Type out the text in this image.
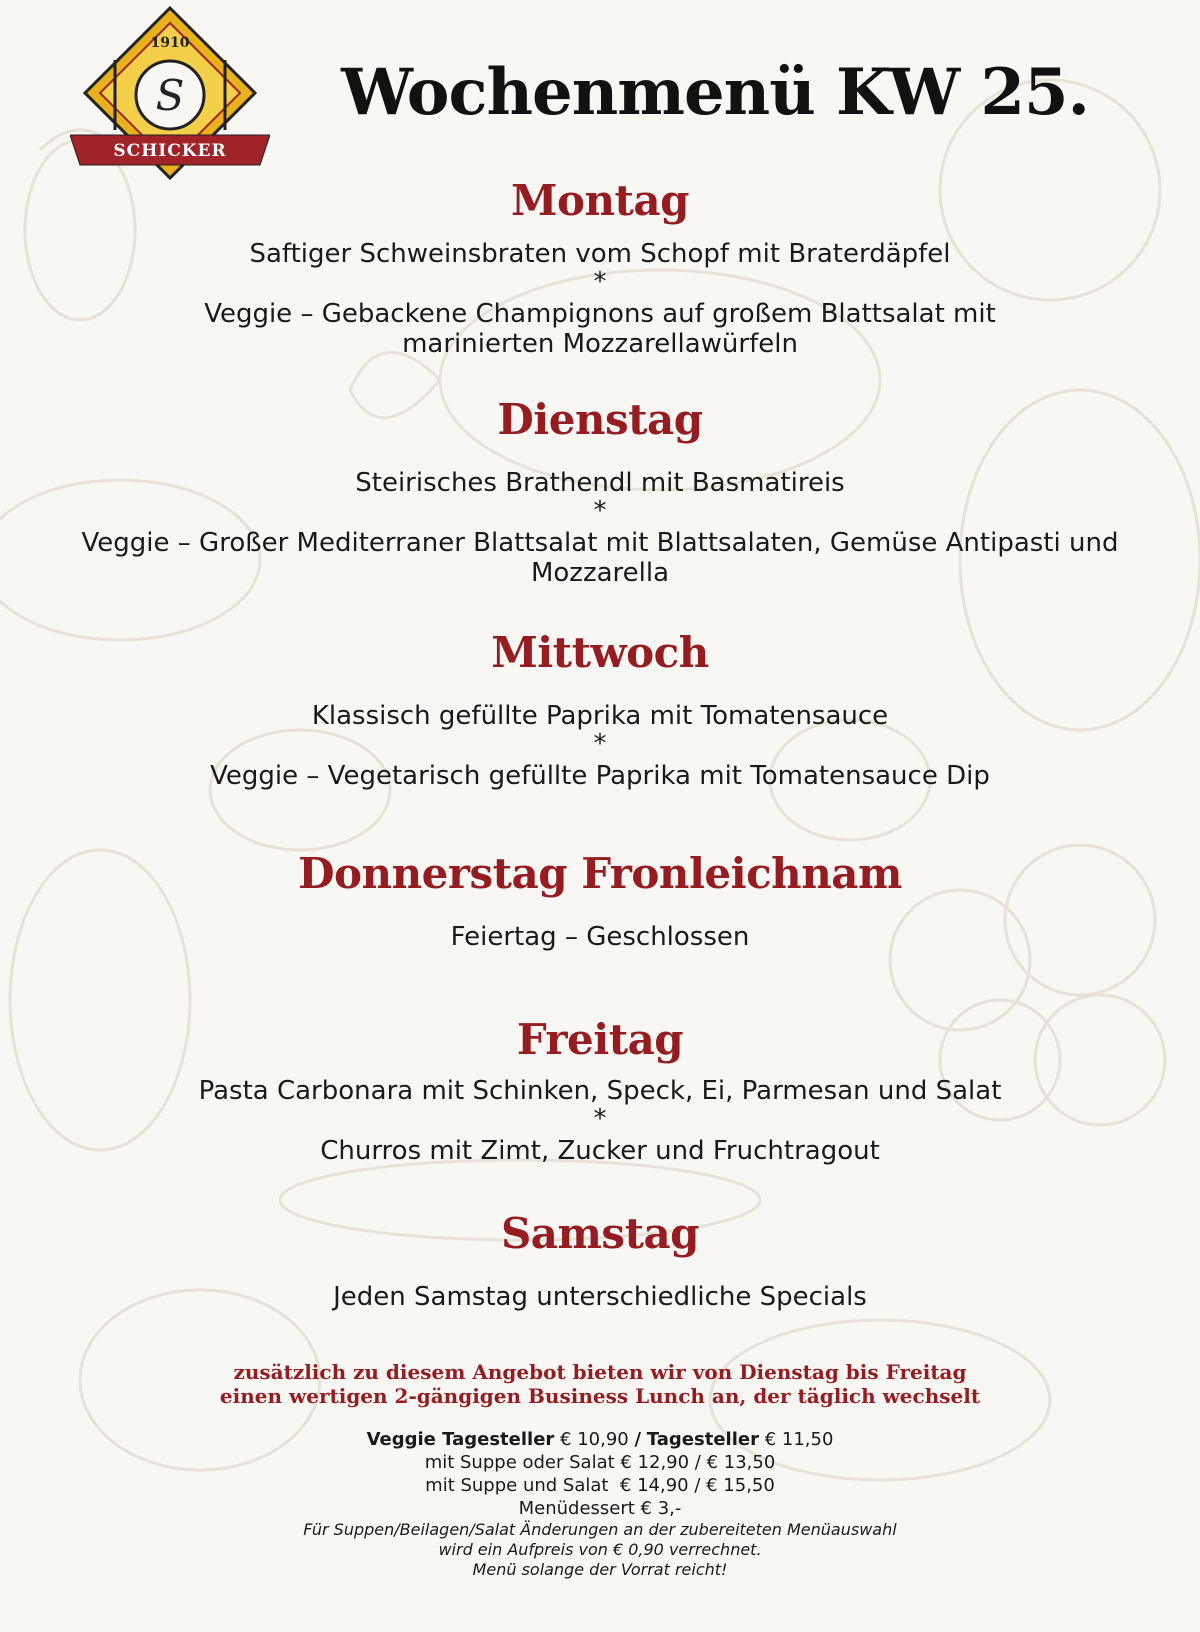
S
1910
SCHICKER
Wochenmenü KW 25.
Montag
Saftiger Schweinsbraten vom Schopf mit Braterdäpfel
*
Veggie – Gebackene Champignons auf großem Blattsalat mit
marinierten Mozzarellawürfeln
Dienstag
Steirisches Brathendl mit Basmatireis
*
Veggie – Großer Mediterraner Blattsalat mit Blattsalaten, Gemüse Antipasti und
Mozzarella
Mittwoch
Klassisch gefüllte Paprika mit Tomatensauce
*
Veggie – Vegetarisch gefüllte Paprika mit Tomatensauce Dip
Donnerstag Fronleichnam
Feiertag – Geschlossen
Freitag
Pasta Carbonara mit Schinken, Speck, Ei, Parmesan und Salat
*
Churros mit Zimt, Zucker und Fruchtragout
Samstag
Jeden Samstag unterschiedliche Specials
zusätzlich zu diesem Angebot bieten wir von Dienstag bis Freitag
einen wertigen 2-gängigen Business Lunch an, der täglich wechselt
Veggie Tagesteller € 10,90 / Tagesteller € 11,50
mit Suppe oder Salat € 12,90 / € 13,50
mit Suppe und Salat  € 14,90 / € 15,50
Menüdessert € 3,-
Für Suppen/Beilagen/Salat Änderungen an der zubereiteten Menüauswahl
wird ein Aufpreis von € 0,90 verrechnet.
Menü solange der Vorrat reicht!
